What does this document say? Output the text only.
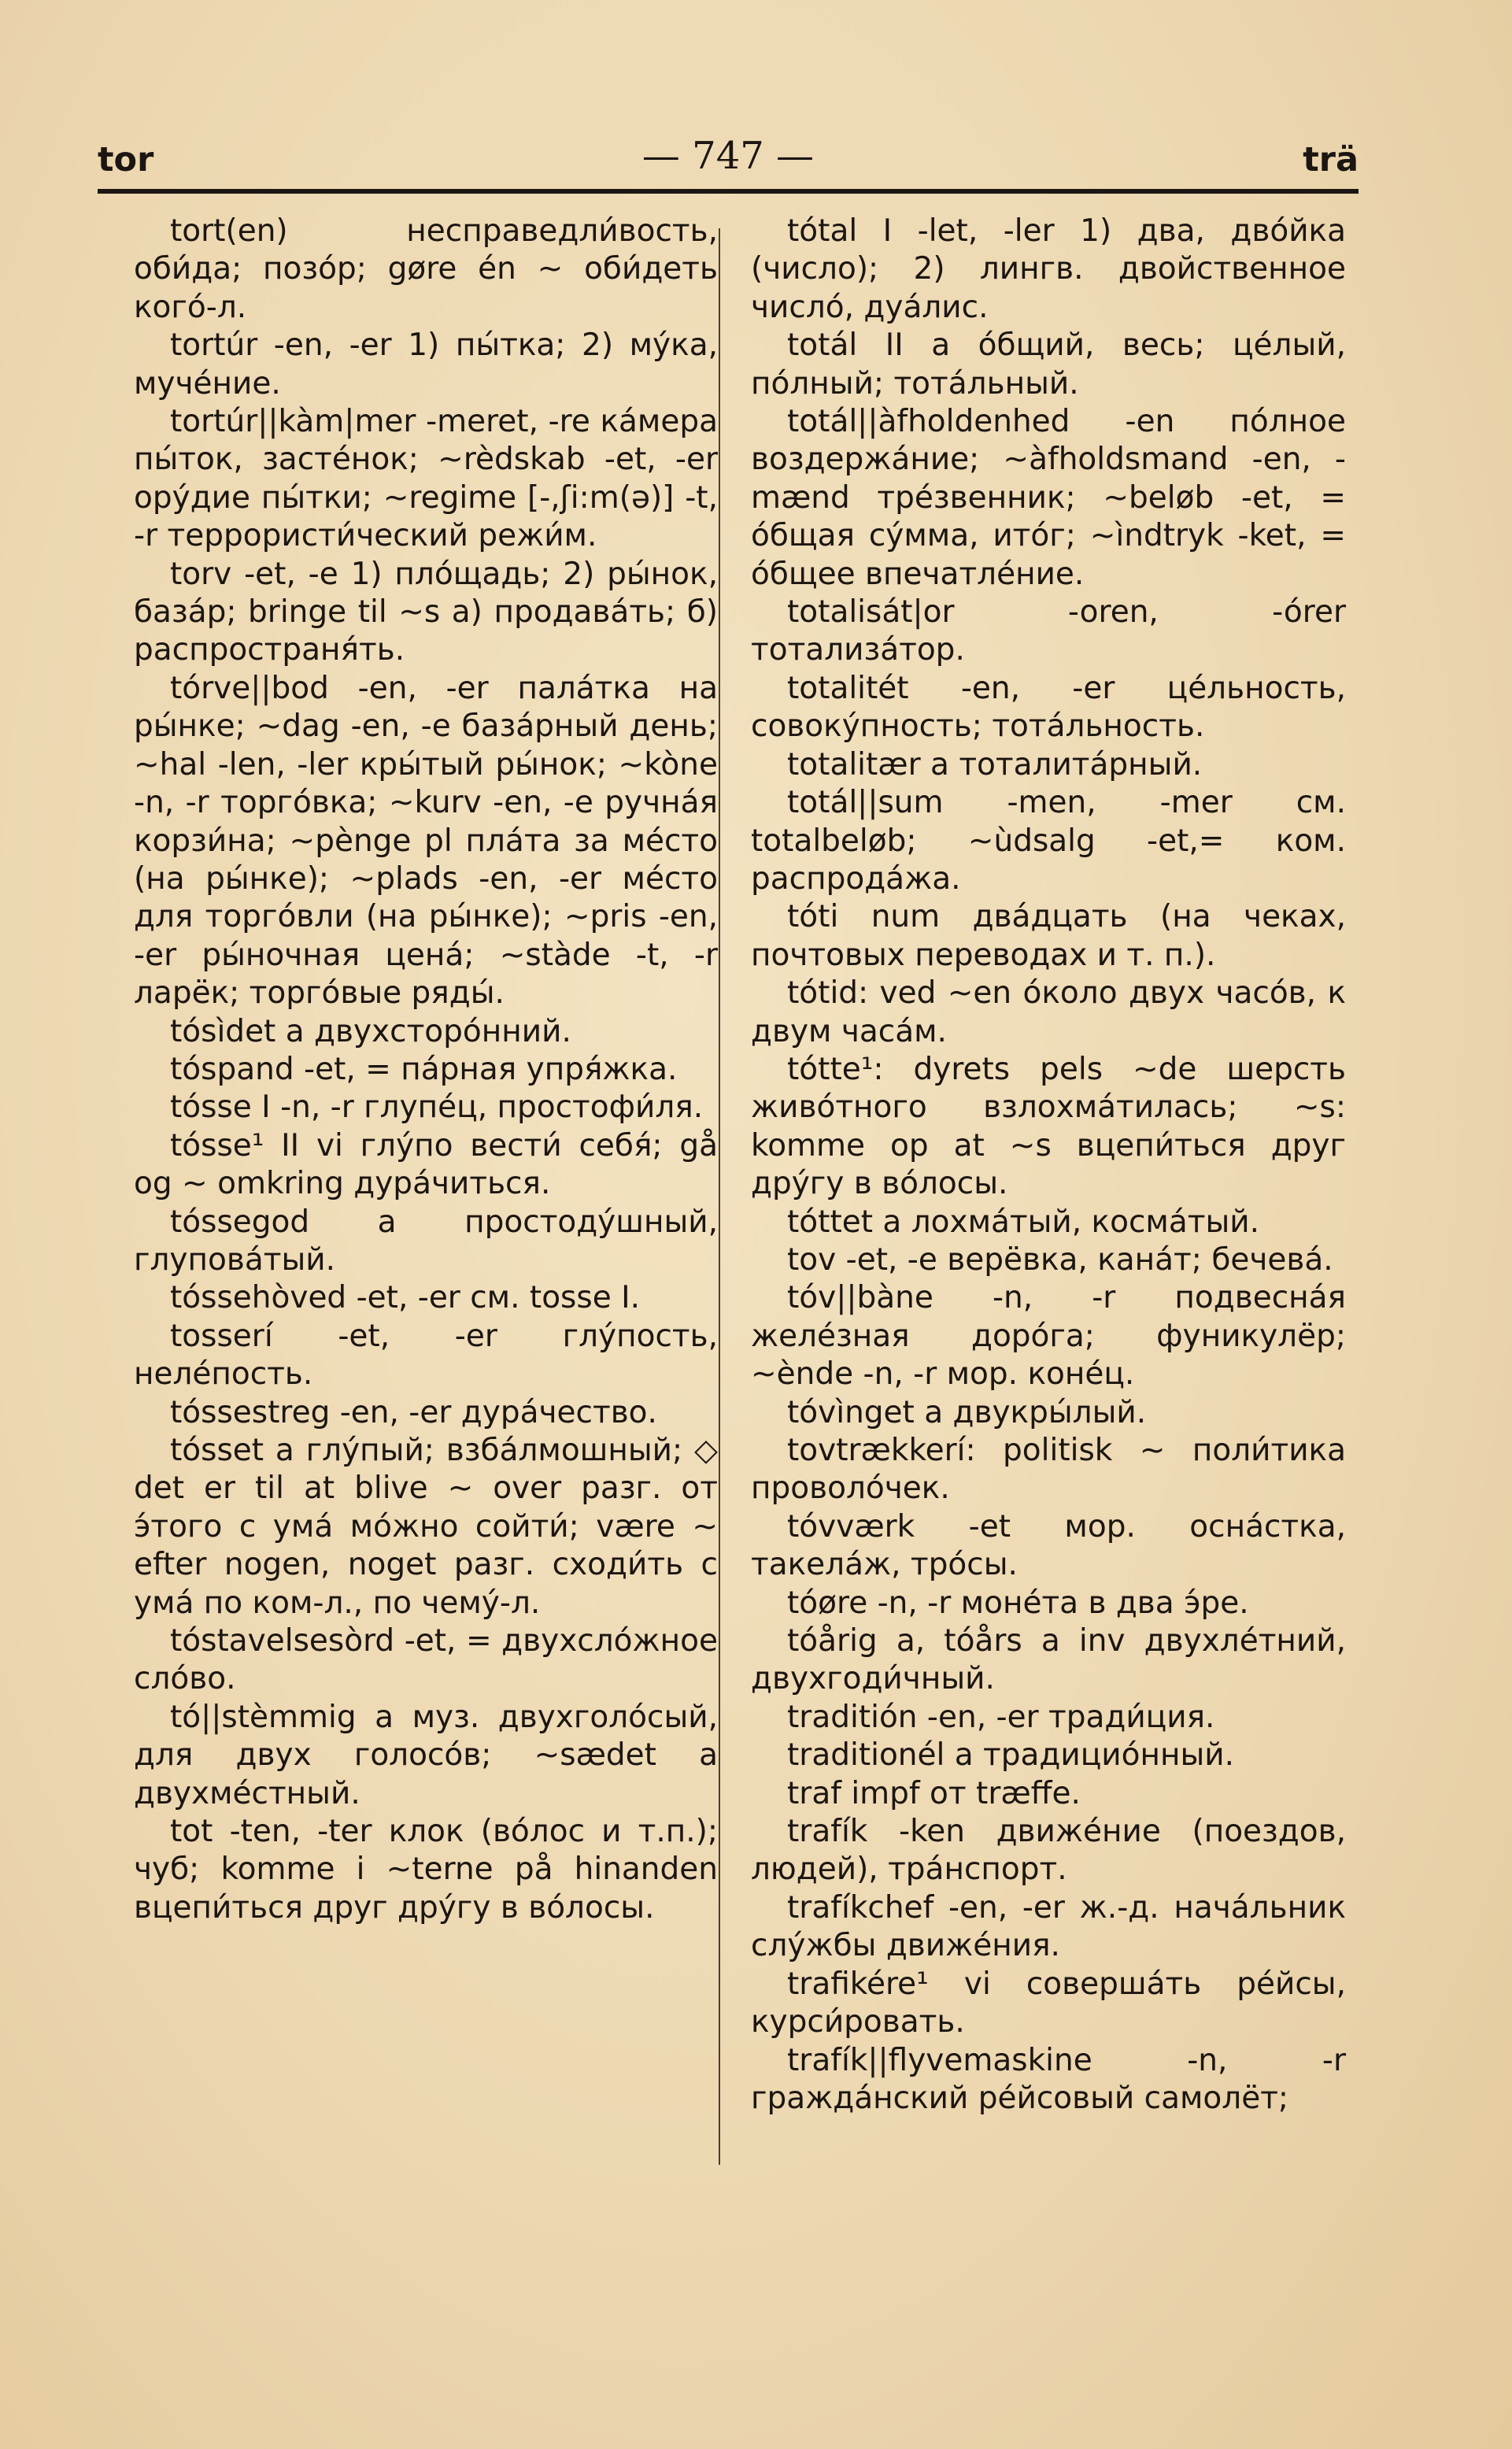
tor	— 747 —	trä

tort(en) несправедли́вость, оби́да; позо́р; gøre én ~ оби́деть кого́-л.

tortúr -en, -er 1) пы́тка; 2) му́ка, муче́ние.

tortúr||kàm|mer -meret, -re ка́мера пы́ток, засте́нок; ~rèdskab -et, -er ору́дие пы́тки; ~regime [-,ʃi:m(ə)] -t, -r террористи́ческий режи́м.

torv -et, -e 1) пло́щадь; 2) ры́нок, база́р; bringe til ~s а) продава́ть; б) распространя́ть.

tórve||bod -en, -er пала́тка на ры́нке; ~dag -en, -e база́рный день; ~hal -len, -ler кры́тый ры́нок; ~kòne -n, -r торго́вка; ~kurv -en, -e ручна́я корзи́на; ~pènge pl пла́та за ме́сто (на ры́нке); ~plads -en, -er ме́сто для торго́вли (на ры́нке); ~pris -en, -er ры́ночная цена́; ~stàde -t, -r ларёк; торго́вые ряды́.

tósìdet a двухсторо́нний.

tóspand -et, = па́рная упря́жка.

tósse I -n, -r глупе́ц, простофи́ля.

tósse¹ II vi глу́по вести́ себя́; gå og ~ omkring дура́читься.

tóssegod a простоду́шный, глупова́тый.

tóssehòved -et, -er см. tosse I.

tosserí -et, -er глу́пость, неле́пость.

tóssestreg -en, -er дура́чество.

tósset a глу́пый; взба́лмошный; ◇ det er til at blive ~ over разг. от э́того с ума́ мо́жно сойти́; være ~ efter nogen, noget разг. сходи́ть с ума́ по ком-л., по чему́-л.

tóstavelsesòrd -et, = двухсло́жное сло́во.

tó||stèmmig a муз. двухголо́сый, для двух голосо́в; ~sædet a двухме́стный.

tot -ten, -ter клок (во́лос и т.п.); чуб; komme i ~terne på hinanden вцепи́ться друг дру́гу в во́лосы.

tótal I -let, -ler 1) два, дво́йка (число); 2) лингв. двойственное число́, дуа́лис.

totál II a о́бщий, весь; це́лый, по́лный; тота́льный.

totál||àfholdenhed -en по́лное воздержа́ние; ~àfholdsmand -en, -mænd тре́звенник; ~beløb -et, = о́бщая су́мма, ито́г; ~ìndtryk -ket, = о́бщее впечатле́ние.

totalisát|or -oren, -órer тотализа́тор.

totalitét -en, -er це́льность, совоку́пность; тота́льность.

totalitær a тоталита́рный.

totál||sum -men, -mer см. totalbeløb; ~ùdsalg -et,= ком. распрода́жа.

tóti num два́дцать (на чеках, почтовых переводах и т. п.).

tótid: ved ~en о́коло двух часо́в, к двум часа́м.

tótte¹: dyrets pels ~de шерсть живо́тного взлохма́тилась; ~s: komme op at ~s вцепи́ться друг дру́гу в во́лосы.

tóttet a лохма́тый, косма́тый.

tov -et, -e верёвка, кана́т; бечева́.

tóv||bàne -n, -r подвесна́я желе́зная доро́га; фуникулёр; ~ènde -n, -r мор. коне́ц.

tóvìnget a двукры́лый.

tovtrækkerí: politisk ~ поли́тика проволо́чек.

tóvværk -et мор. осна́стка, такела́ж, тро́сы.

tóøre -n, -r моне́та в два э́ре.

tóårig a, tóårs a inv двухле́тний, двухгоди́чный.

traditión -en, -er тради́ция.

traditionél a традицио́нный.

traf impf от træffe.

trafík -ken движе́ние (поездов, людей), тра́нспорт.

trafíkchef -en, -er ж.-д. нача́льник слу́жбы движе́ния.

trafikére¹ vi соверша́ть ре́йсы, курси́ровать.

trafík||flyvemaskine -n, -r гражда́нский ре́йсовый самолёт;
